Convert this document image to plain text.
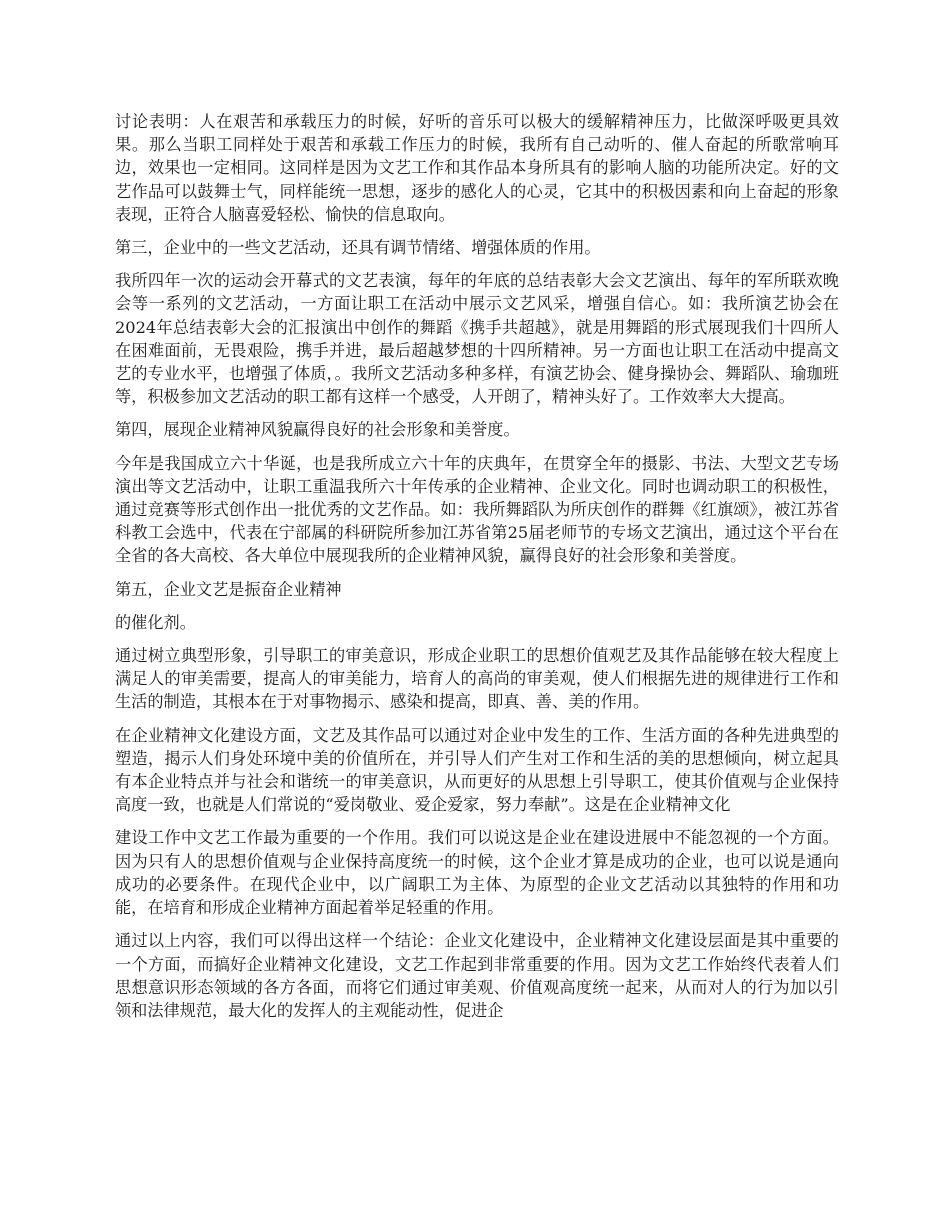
讨论表明：人在艰苦和承载压力的时候，好听的音乐可以极大的缓解精神压力，比做深呼吸更具效果。那么当职工同样处于艰苦和承载工作压力的时候，我所有自己动听的、催人奋起的所歌常响耳边，效果也一定相同。这同样是因为文艺工作和其作品本身所具有的影响人脑的功能所决定。好的文艺作品可以鼓舞士气，同样能统一思想，逐步的感化人的心灵，它其中的积极因素和向上奋起的形象表现，正符合人脑喜爱轻松、愉快的信息取向。

第三，企业中的一些文艺活动，还具有调节情绪、增强体质的作用。

我所四年一次的运动会开幕式的文艺表演，每年的年底的总结表彰大会文艺演出、每年的军所联欢晚会等一系列的文艺活动，一方面让职工在活动中展示文艺风采，增强自信心。如：我所演艺协会在2024年总结表彰大会的汇报演出中创作的舞蹈《携手共超越》，就是用舞蹈的形式展现我们十四所人在困难面前，无畏艰险，携手并进，最后超越梦想的十四所精神。另一方面也让职工在活动中提高文艺的专业水平，也增强了体质，。我所文艺活动多种多样，有演艺协会、健身操协会、舞蹈队、瑜珈班等，积极参加文艺活动的职工都有这样一个感受，人开朗了，精神头好了。工作效率大大提高。

第四，展现企业精神风貌赢得良好的社会形象和美誉度。

今年是我国成立六十华诞，也是我所成立六十年的庆典年，在贯穿全年的摄影、书法、大型文艺专场演出等文艺活动中，让职工重温我所六十年传承的企业精神、企业文化。同时也调动职工的积极性，通过竞赛等形式创作出一批优秀的文艺作品。如：我所舞蹈队为所庆创作的群舞《红旗颂》，被江苏省科教工会选中，代表在宁部属的科研院所参加江苏省第25届老师节的专场文艺演出，通过这个平台在全省的各大高校、各大单位中展现我所的企业精神风貌，赢得良好的社会形象和美誉度。

第五，企业文艺是振奋企业精神

的催化剂。

通过树立典型形象，引导职工的审美意识，形成企业职工的思想价值观艺及其作品能够在较大程度上满足人的审美需要，提高人的审美能力，培育人的高尚的审美观，使人们根据先进的规律进行工作和生活的制造，其根本在于对事物揭示、感染和提高，即真、善、美的作用。

在企业精神文化建设方面，文艺及其作品可以通过对企业中发生的工作、生活方面的各种先进典型的塑造，揭示人们身处环境中美的价值所在，并引导人们产生对工作和生活的美的思想倾向，树立起具有本企业特点并与社会和谐统一的审美意识，从而更好的从思想上引导职工，使其价值观与企业保持高度一致，也就是人们常说的“爱岗敬业、爱企爱家，努力奉献”。这是在企业精神文化

建设工作中文艺工作最为重要的一个作用。我们可以说这是企业在建设进展中不能忽视的一个方面。因为只有人的思想价值观与企业保持高度统一的时候，这个企业才算是成功的企业，也可以说是通向成功的必要条件。在现代企业中，以广阔职工为主体、为原型的企业文艺活动以其独特的作用和功能，在培育和形成企业精神方面起着举足轻重的作用。

通过以上内容，我们可以得出这样一个结论：企业文化建设中，企业精神文化建设层面是其中重要的一个方面，而搞好企业精神文化建设，文艺工作起到非常重要的作用。因为文艺工作始终代表着人们思想意识形态领域的各方各面，而将它们通过审美观、价值观高度统一起来，从而对人的行为加以引领和法律规范，最大化的发挥人的主观能动性，促进企
